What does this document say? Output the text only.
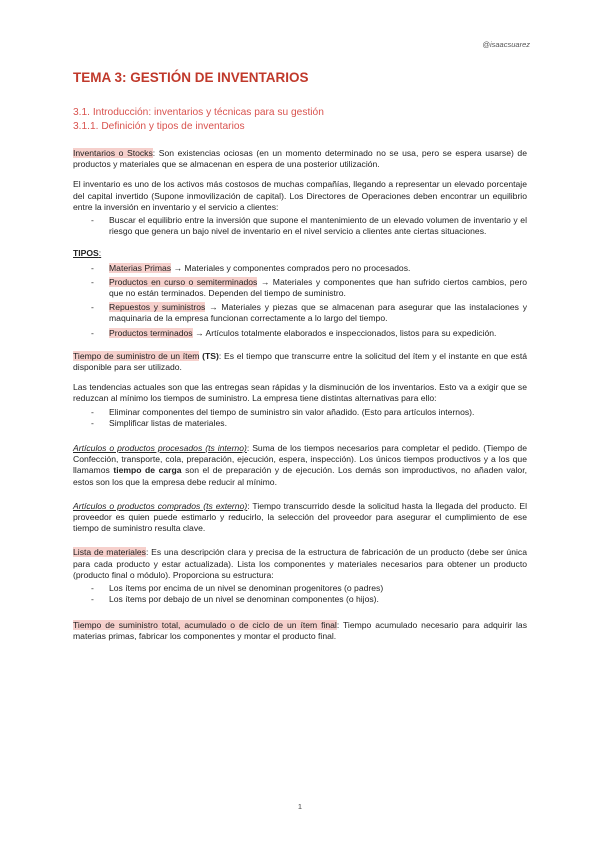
@isaacsuarez
TEMA 3: GESTIÓN DE INVENTARIOS
3.1. Introducción: inventarios y técnicas para su gestión
3.1.1. Definición y tipos de inventarios

Inventarios o Stocks: Son existencias ociosas (en un momento determinado no se usa, pero se espera usarse) de productos y materiales que se almacenan en espera de una posterior utilización.

El inventario es uno de los activos más costosos de muchas compañías, llegando a representar un elevado porcentaje del capital invertido (Supone inmovilización de capital). Los Directores de Operaciones deben encontrar un equilibrio entre la inversión en inventario y el servicio a clientes:

- Buscar el equilibrio entre la inversión que supone el mantenimiento de un elevado volumen de inventario y el riesgo que genera un bajo nivel de inventario en el nivel servicio a clientes ante ciertas situaciones.
TIPOS:
- Materias Primas → Materiales y componentes comprados pero no procesados.
- Productos en curso o semiterminados → Materiales y componentes que han sufrido ciertos cambios, pero que no están terminados. Dependen del tiempo de suministro.
- Repuestos y suministros → Materiales y piezas que se almacenan para asegurar que las instalaciones y maquinaria de la empresa funcionan correctamente a lo largo del tiempo.
- Productos terminados → Artículos totalmente elaborados e inspeccionados, listos para su expedición.

Tiempo de suministro de un ítem (TS): Es el tiempo que transcurre entre la solicitud del ítem y el instante en que está disponible para ser utilizado.

Las tendencias actuales son que las entregas sean rápidas y la disminución de los inventarios. Esto va a exigir que se reduzcan al mínimo los tiempos de suministro. La empresa tiene distintas alternativas para ello:

- Eliminar componentes del tiempo de suministro sin valor añadido. (Esto para artículos internos).
- Simplificar listas de materiales.

Artículos o productos procesados (ts interno): Suma de los tiempos necesarios para completar el pedido. (Tiempo de Confección, transporte, cola, preparación, ejecución, espera, inspección). Los únicos tiempos productivos y a los que llamamos tiempo de carga son el de preparación y de ejecución. Los demás son improductivos, no añaden valor, estos son los que la empresa debe reducir al mínimo.

Artículos o productos comprados (ts externo): Tiempo transcurrido desde la solicitud hasta la llegada del producto. El proveedor es quien puede estimarlo y reducirlo, la selección del proveedor para asegurar el cumplimiento de ese tiempo de suministro resulta clave.

Lista de materiales: Es una descripción clara y precisa de la estructura de fabricación de un producto (debe ser única para cada producto y estar actualizada). Lista los componentes y materiales necesarios para obtener un producto (producto final o módulo). Proporciona su estructura:

- Los ítems por encima de un nivel se denominan progenitores (o padres)
- Los ítems por debajo de un nivel se denominan componentes (o hijos).

Tiempo de suministro total, acumulado o de ciclo de un ítem final: Tiempo acumulado necesario para adquirir las materias primas, fabricar los componentes y montar el producto final.

1
